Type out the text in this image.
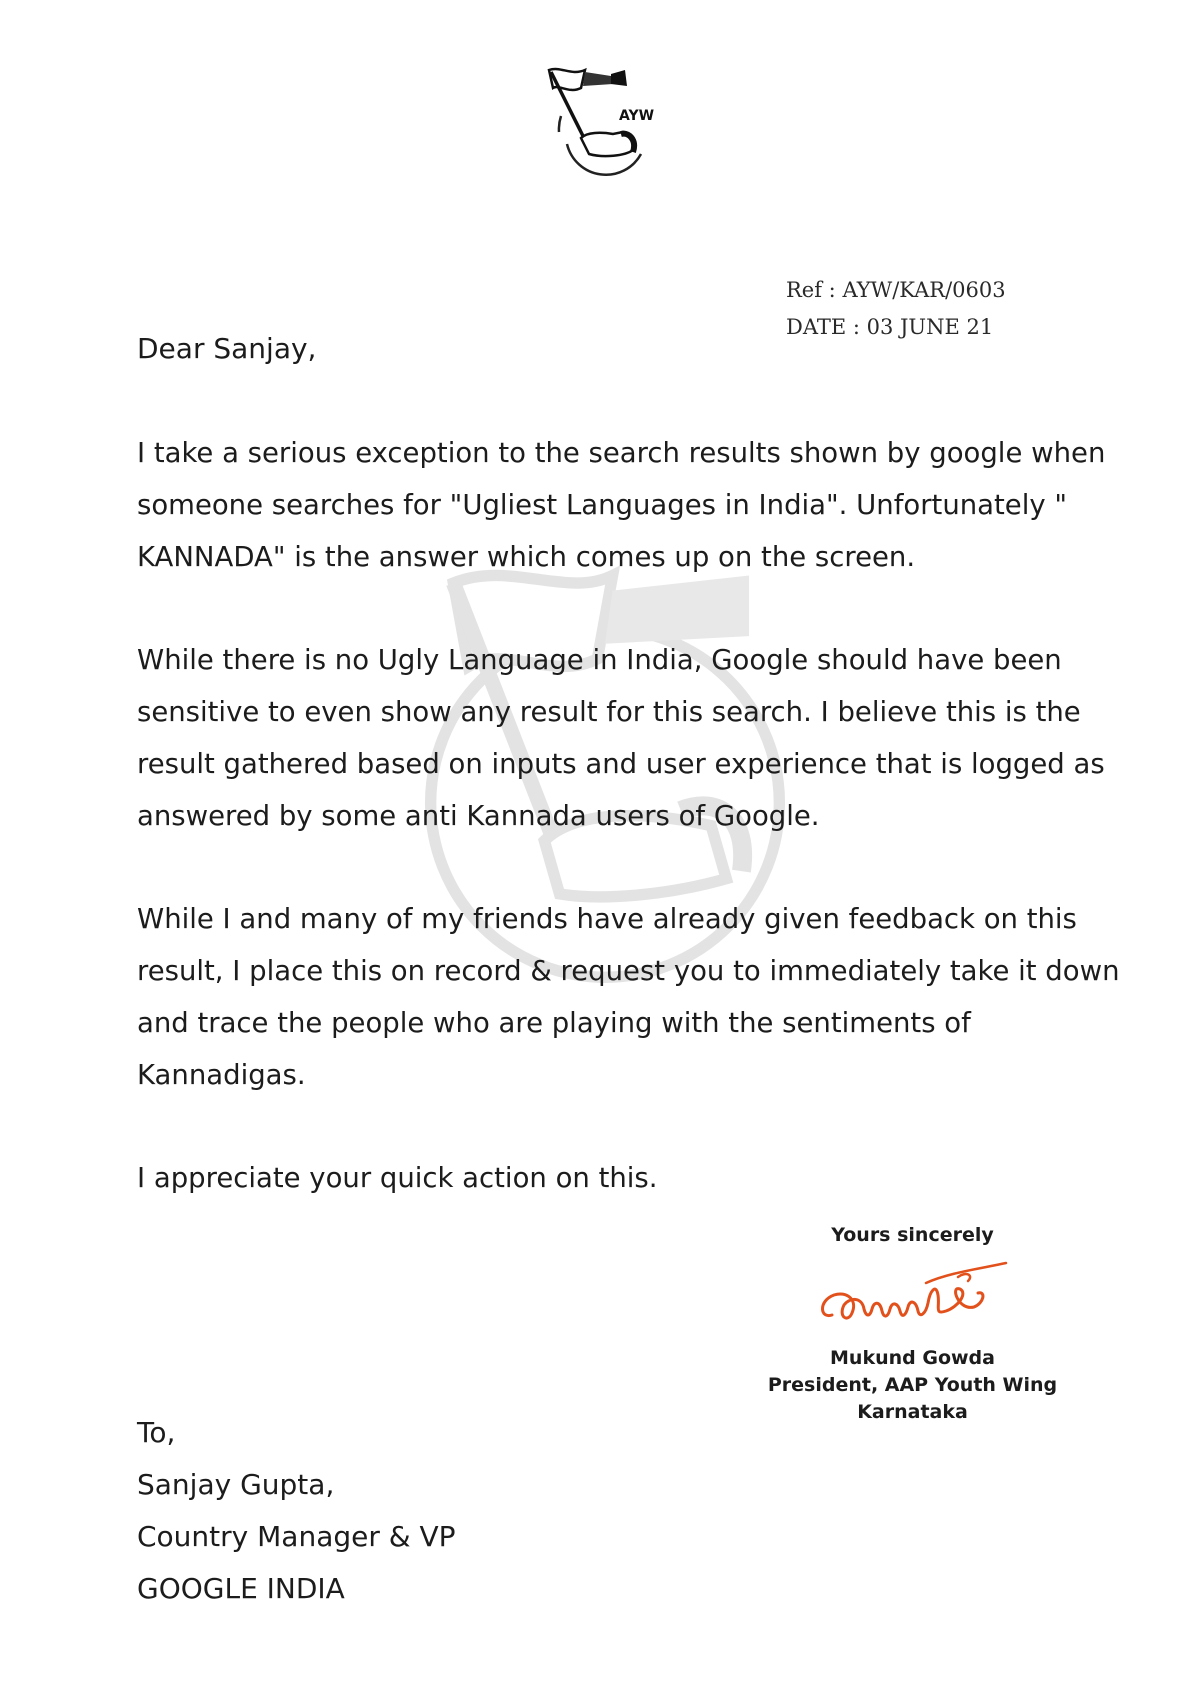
AYW
Ref : AYW/KAR/0603
DATE : 03 JUNE 21
Dear Sanjay,

I take a serious exception to the search results shown by google when someone searches for "Ugliest Languages in India". Unfortunately " KANNADA" is the answer which comes up on the screen.

While there is no Ugly Language in India, Google should have been sensitive to even show any result for this search. I believe this is the result gathered based on inputs and user experience that is logged as answered by some anti Kannada users of Google.

While I and many of my friends have already given feedback on this result, I place this on record & request you to immediately take it down and trace the people who are playing with the sentiments of Kannadigas.

I appreciate your quick action on this.

Yours sincerely
Mukund Gowda
President, AAP Youth Wing
Karnataka
To,
Sanjay Gupta,
Country Manager & VP
GOOGLE INDIA
